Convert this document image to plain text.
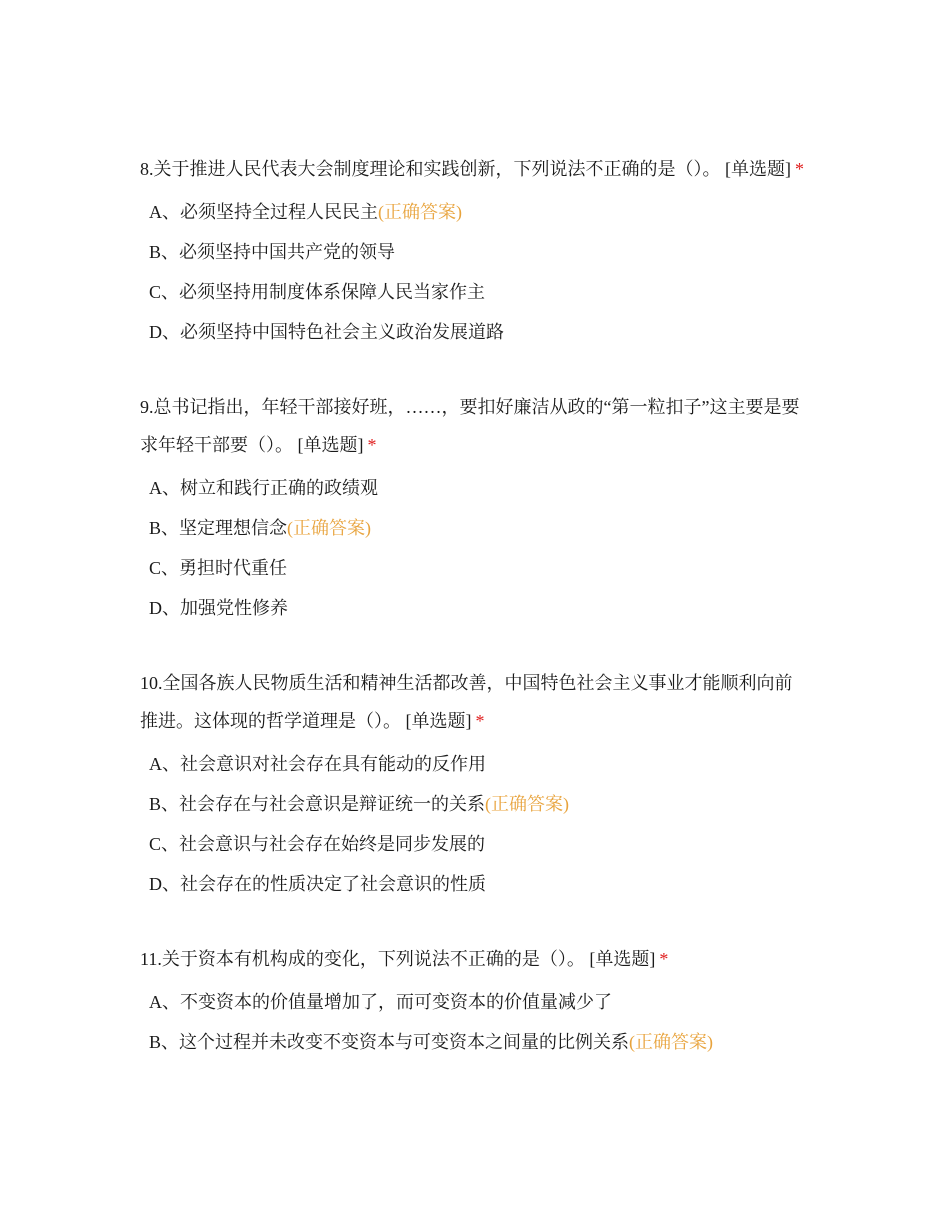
8.关于推进人民代表大会制度理论和实践创新，下列说法不正确的是（）。 [单选题] *

A、必须坚持全过程人民民主(正确答案)

B、必须坚持中国共产党的领导

C、必须坚持用制度体系保障人民当家作主

D、必须坚持中国特色社会主义政治发展道路

9.总书记指出，年轻干部接好班，……，要扣好廉洁从政的“第一粒扣子”这主要是要求年轻干部要（）。 [单选题] *

A、树立和践行正确的政绩观

B、坚定理想信念(正确答案)

C、勇担时代重任

D、加强党性修养

10.全国各族人民物质生活和精神生活都改善，中国特色社会主义事业才能顺利向前推进。这体现的哲学道理是（）。 [单选题] *

A、社会意识对社会存在具有能动的反作用

B、社会存在与社会意识是辩证统一的关系(正确答案)

C、社会意识与社会存在始终是同步发展的

D、社会存在的性质决定了社会意识的性质

11.关于资本有机构成的变化，下列说法不正确的是（）。 [单选题] *

A、不变资本的价值量增加了，而可变资本的价值量减少了

B、这个过程并未改变不变资本与可变资本之间量的比例关系(正确答案)
